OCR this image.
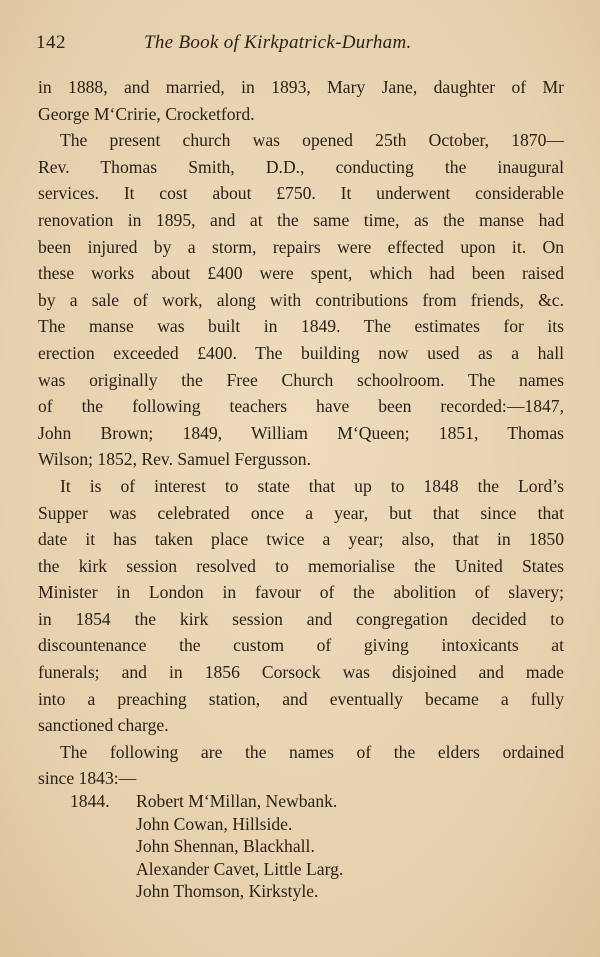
142	The Book of Kirkpatrick-Durham.
in 1888, and married, in 1893, Mary Jane, daughter of Mr
George M‘Cririe, Crocketford.
The present church was opened 25th October, 1870—
Rev. Thomas Smith, D.D., conducting the inaugural
services. It cost about £750. It underwent considerable
renovation in 1895, and at the same time, as the manse had
been injured by a storm, repairs were effected upon it. On
these works about £400 were spent, which had been raised
by a sale of work, along with contributions from friends, &c.
The manse was built in 1849. The estimates for its
erection exceeded £400. The building now used as a hall
was originally the Free Church schoolroom. The names
of the following teachers have been recorded:—1847,
John Brown; 1849, William M‘Queen; 1851, Thomas
Wilson; 1852, Rev. Samuel Fergusson.
It is of interest to state that up to 1848 the Lord’s
Supper was celebrated once a year, but that since that
date it has taken place twice a year; also, that in 1850
the kirk session resolved to memorialise the United States
Minister in London in favour of the abolition of slavery;
in 1854 the kirk session and congregation decided to
discountenance the custom of giving intoxicants at
funerals; and in 1856 Corsock was disjoined and made
into a preaching station, and eventually became a fully
sanctioned charge.
The following are the names of the elders ordained
since 1843:—
1844.	Robert M‘Millan, Newbank.
John Cowan, Hillside.
John Shennan, Blackhall.
Alexander Cavet, Little Larg.
John Thomson, Kirkstyle.
